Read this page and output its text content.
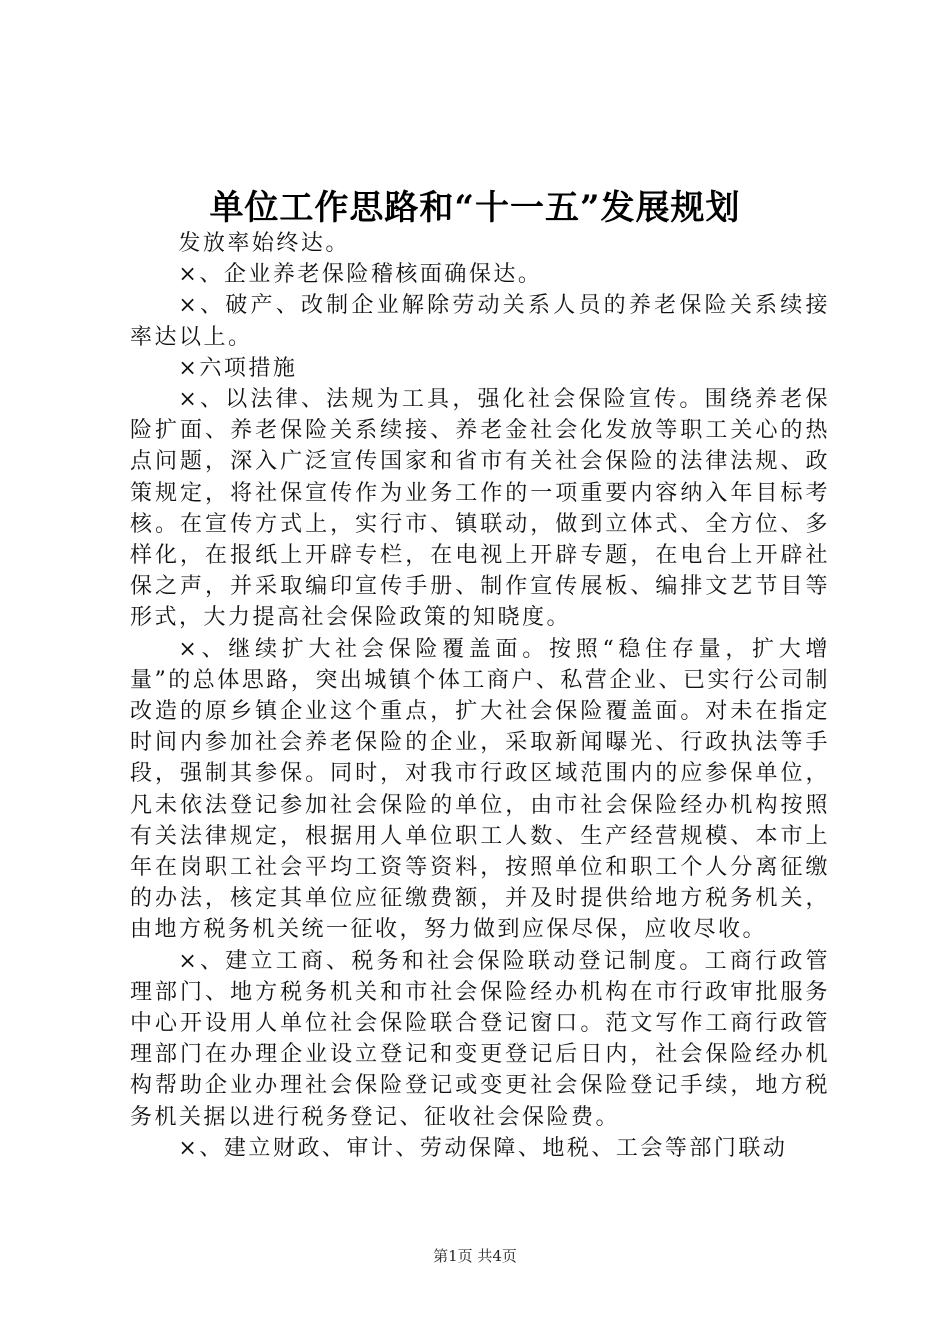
单位工作思路和“十一五”发展规划

发放率始终达。

×、企业养老保险稽核面确保达。

×、破产、改制企业解除劳动关系人员的养老保险关系续接率达以上。

×六项措施

×、以法律、法规为工具，强化社会保险宣传。围绕养老保险扩面、养老保险关系续接、养老金社会化发放等职工关心的热点问题，深入广泛宣传国家和省市有关社会保险的法律法规、政策规定，将社保宣传作为业务工作的一项重要内容纳入年目标考核。在宣传方式上，实行市、镇联动，做到立体式、全方位、多样化，在报纸上开辟专栏，在电视上开辟专题，在电台上开辟社保之声，并采取编印宣传手册、制作宣传展板、编排文艺节目等形式，大力提高社会保险政策的知晓度。

×、继续扩大社会保险覆盖面。按照“稳住存量，扩大增量”的总体思路，突出城镇个体工商户、私营企业、已实行公司制改造的原乡镇企业这个重点，扩大社会保险覆盖面。对未在指定时间内参加社会养老保险的企业，采取新闻曝光、行政执法等手段，强制其参保。同时，对我市行政区域范围内的应参保单位，凡未依法登记参加社会保险的单位，由市社会保险经办机构按照有关法律规定，根据用人单位职工人数、生产经营规模、本市上年在岗职工社会平均工资等资料，按照单位和职工个人分离征缴的办法，核定其单位应征缴费额，并及时提供给地方税务机关，由地方税务机关统一征收，努力做到应保尽保，应收尽收。

×、建立工商、税务和社会保险联动登记制度。工商行政管理部门、地方税务机关和市社会保险经办机构在市行政审批服务中心开设用人单位社会保险联合登记窗口。范文写作工商行政管理部门在办理企业设立登记和变更登记后日内，社会保险经办机构帮助企业办理社会保险登记或变更社会保险登记手续，地方税务机关据以进行税务登记、征收社会保险费。

×、建立财政、审计、劳动保障、地税、工会等部门联动

第1页 共4页
